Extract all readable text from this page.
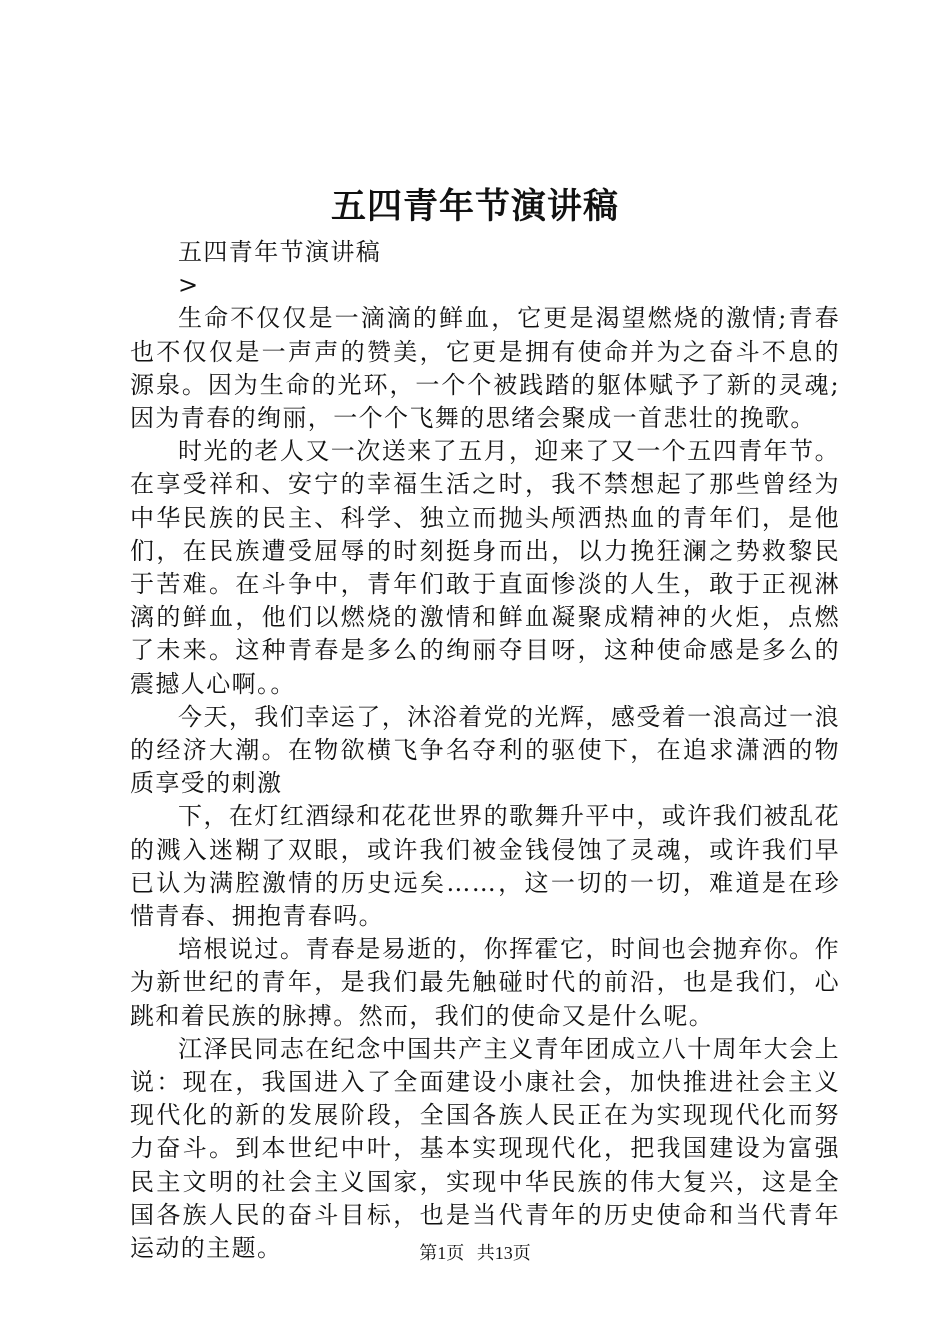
五四青年节演讲稿

五四青年节演讲稿

>

生命不仅仅是一滴滴的鲜血，它更是渴望燃烧的激情;青春也不仅仅是一声声的赞美，它更是拥有使命并为之奋斗不息的源泉。因为生命的光环，一个个被践踏的躯体赋予了新的灵魂;因为青春的绚丽，一个个飞舞的思绪会聚成一首悲壮的挽歌。

时光的老人又一次送来了五月，迎来了又一个五四青年节。在享受祥和、安宁的幸福生活之时，我不禁想起了那些曾经为中华民族的民主、科学、独立而抛头颅洒热血的青年们，是他们，在民族遭受屈辱的时刻挺身而出，以力挽狂澜之势救黎民于苦难。在斗争中，青年们敢于直面惨淡的人生，敢于正视淋漓的鲜血，他们以燃烧的激情和鲜血凝聚成精神的火炬，点燃了未来。这种青春是多么的绚丽夺目呀，这种使命感是多么的震撼人心啊。。

今天，我们幸运了，沐浴着党的光辉，感受着一浪高过一浪的经济大潮。在物欲横飞争名夺利的驱使下，在追求潇洒的物质享受的刺激

下，在灯红酒绿和花花世界的歌舞升平中，或许我们被乱花的溅入迷糊了双眼，或许我们被金钱侵蚀了灵魂，或许我们早已认为满腔激情的历史远矣……，这一切的一切，难道是在珍惜青春、拥抱青春吗。

培根说过。青春是易逝的，你挥霍它，时间也会抛弃你。作为新世纪的青年，是我们最先触碰时代的前沿，也是我们，心跳和着民族的脉搏。然而，我们的使命又是什么呢。

江泽民同志在纪念中国共产主义青年团成立八十周年大会上说：现在，我国进入了全面建设小康社会，加快推进社会主义现代化的新的发展阶段，全国各族人民正在为实现现代化而努力奋斗。到本世纪中叶，基本实现现代化，把我国建设为富强民主文明的社会主义国家，实现中华民族的伟大复兴，这是全国各族人民的奋斗目标，也是当代青年的历史使命和当代青年运动的主题。	第1页 共13页
